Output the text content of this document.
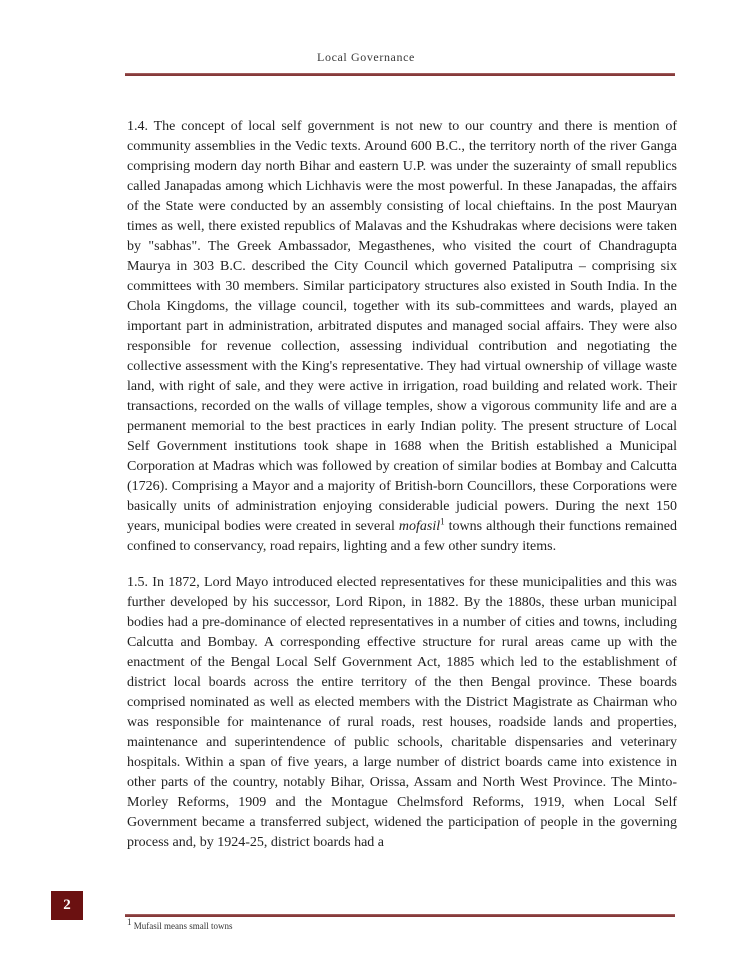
Local Governance

1.4. The concept of local self government is not new to our country and there is mention of community assemblies in the Vedic texts. Around 600 B.C., the territory north of the river Ganga comprising modern day north Bihar and eastern U.P. was under the suzerainty of small republics called Janapadas among which Lichhavis were the most powerful. In these Janapadas, the affairs of the State were conducted by an assembly consisting of local chieftains. In the post Mauryan times as well, there existed republics of Malavas and the Kshudrakas where decisions were taken by "sabhas". The Greek Ambassador, Megasthenes, who visited the court of Chandragupta Maurya in 303 B.C. described the City Council which governed Pataliputra – comprising six committees with 30 members. Similar participatory structures also existed in South India. In the Chola Kingdoms, the village council, together with its sub-committees and wards, played an important part in administration, arbitrated disputes and managed social affairs. They were also responsible for revenue collection, assessing individual contribution and negotiating the collective assessment with the King's representative. They had virtual ownership of village waste land, with right of sale, and they were active in irrigation, road building and related work. Their transactions, recorded on the walls of village temples, show a vigorous community life and are a permanent memorial to the best practices in early Indian polity. The present structure of Local Self Government institutions took shape in 1688 when the British established a Municipal Corporation at Madras which was followed by creation of similar bodies at Bombay and Calcutta (1726). Comprising a Mayor and a majority of British-born Councillors, these Corporations were basically units of administration enjoying considerable judicial powers. During the next 150 years, municipal bodies were created in several mofasil$^1$ towns although their functions remained confined to conservancy, road repairs, lighting and a few other sundry items.

1.5. In 1872, Lord Mayo introduced elected representatives for these municipalities and this was further developed by his successor, Lord Ripon, in 1882. By the 1880s, these urban municipal bodies had a pre-dominance of elected representatives in a number of cities and towns, including Calcutta and Bombay. A corresponding effective structure for rural areas came up with the enactment of the Bengal Local Self Government Act, 1885 which led to the establishment of district local boards across the entire territory of the then Bengal province. These boards comprised nominated as well as elected members with the District Magistrate as Chairman who was responsible for maintenance of rural roads, rest houses, roadside lands and properties, maintenance and superintendence of public schools, charitable dispensaries and veterinary hospitals. Within a span of five years, a large number of district boards came into existence in other parts of the country, notably Bihar, Orissa, Assam and North West Province. The Minto-Morley Reforms, 1909 and the Montague Chelmsford Reforms, 1919, when Local Self Government became a transferred subject, widened the participation of people in the governing process and, by 1924-25, district boards had a

2
$^1$ Mufasil means small towns
